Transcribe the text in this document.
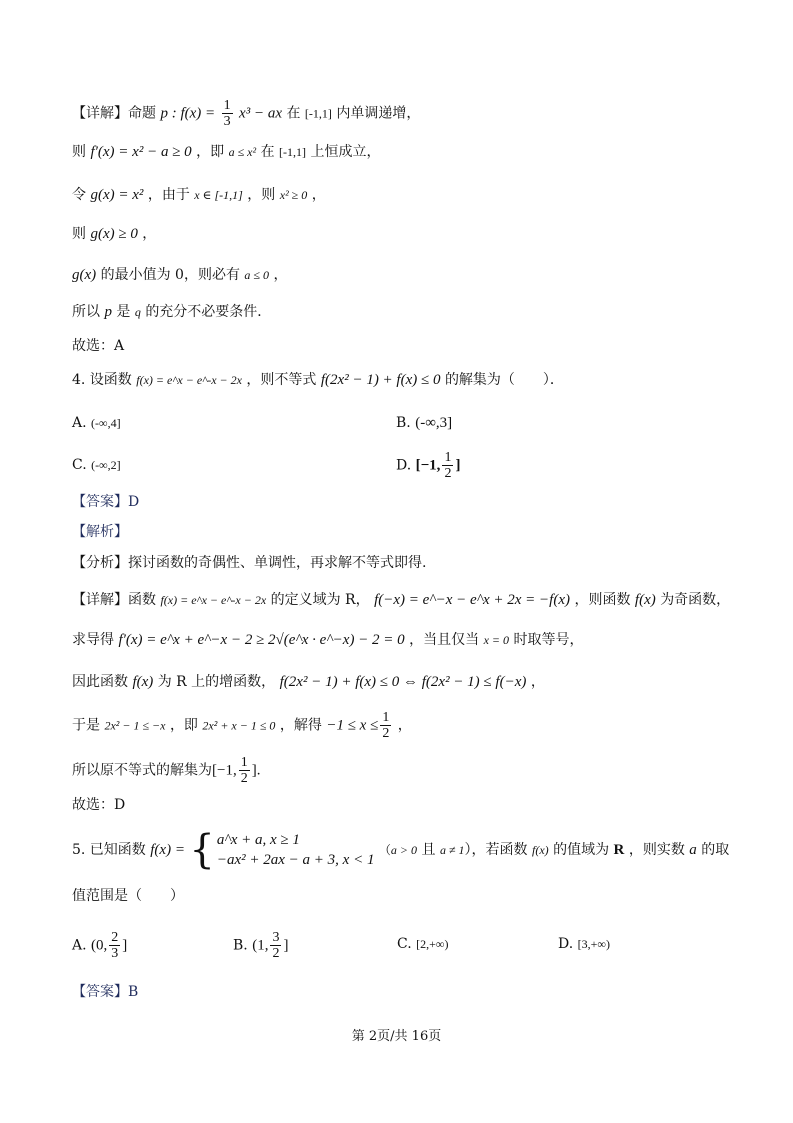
【详解】命题 p : $f(x) = \frac{1}{3} x^3$ − ax 在 [-1,1] 内单调递增，
则 f′(x) = x² − a ≥ 0 ，即 a ≤ x² 在 [-1,1] 上恒成立，
令 g(x) = x² ，由于 x ∈ [-1,1] ，则 x² ≥ 0 ，
则 g(x) ≥ 0 ，
g(x) 的最小值为 0，则必有 a ≤ 0 ，
所以 p 是 q 的充分不必要条件．
故选：A
4. 设函数 f(x) = e^x − e^-x − 2x ，则不等式 f(2x² − 1) + f(x) ≤ 0 的解集为（　　）．
A. (-∞,4]	B. (-∞,3]
C. (-∞,2]	D. [−1, $\frac{1}{2}$ ]
【答案】D
【解析】
【分析】探讨函数的奇偶性、单调性，再求解不等式即得.
【详解】函数 f(x) = e^x − e^-x − 2x 的定义域为 R， f(−x) = e^−x − e^x + 2x = −f(x) ，则函数 f(x) 为奇函数，
求导得 f′(x) = e^x + e^−x − 2 ≥ 2√(e^x · e^−x) − 2 = 0 ，当且仅当 x = 0 时取等号，
因此函数 f(x) 为 R 上的增函数， f(2x² − 1) + f(x) ≤ 0 ⇔ f(2x² − 1) ≤ f(−x) ，
于是 2x² − 1 ≤ −x ，即 2x² + x − 1 ≤ 0 ，解得 $-1 \le x \le \frac{1}{2}$ ，
所以原不等式的解集为[−1, $\frac{1}{2}$ ].
故选：D
5. 已知函数 f(x) = { a^x + a, x ≥ 1
−ax² + 2ax − a + 3, x < 1
（a > 0 且 a ≠ 1），若函数 f(x) 的值域为 R ，则实数 a 的取
值范围是（　　）
A. (0, $\frac{2}{3}$ ]	B. (1, $\frac{3}{2}$ ]	C. [2,+∞)	D. [3,+∞)
【答案】B
第 2页/共 16页
